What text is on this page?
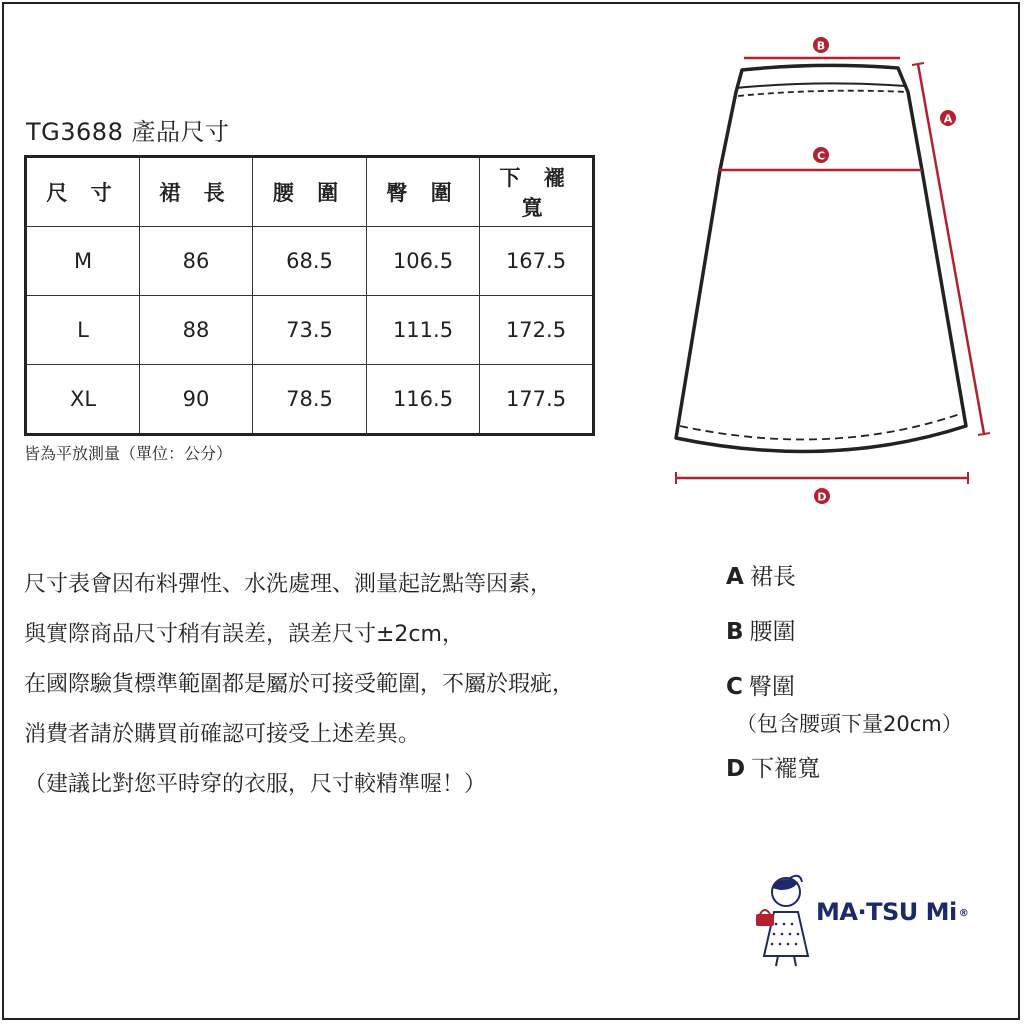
TG3688 產品尺寸
尺 寸	裙 長	腰 圍	臀 圍	下 襬 寬
M	86	68.5	106.5	167.5
L	88	73.5	111.5	172.5
XL	90	78.5	116.5	177.5
皆為平放測量（單位：公分）
尺寸表會因布料彈性、水洗處理、測量起訖點等因素，
與實際商品尺寸稍有誤差，誤差尺寸±2cm，
在國際驗貨標準範圍都是屬於可接受範圍，不屬於瑕疵，
消費者請於購買前確認可接受上述差異。
（建議比對您平時穿的衣服，尺寸較精準喔！）
A 裙長
B 腰圍
C 臀圍
（包含腰頭下量20cm）
D 下襬寬
B
A
C
D
MA·TSU Mi ®
